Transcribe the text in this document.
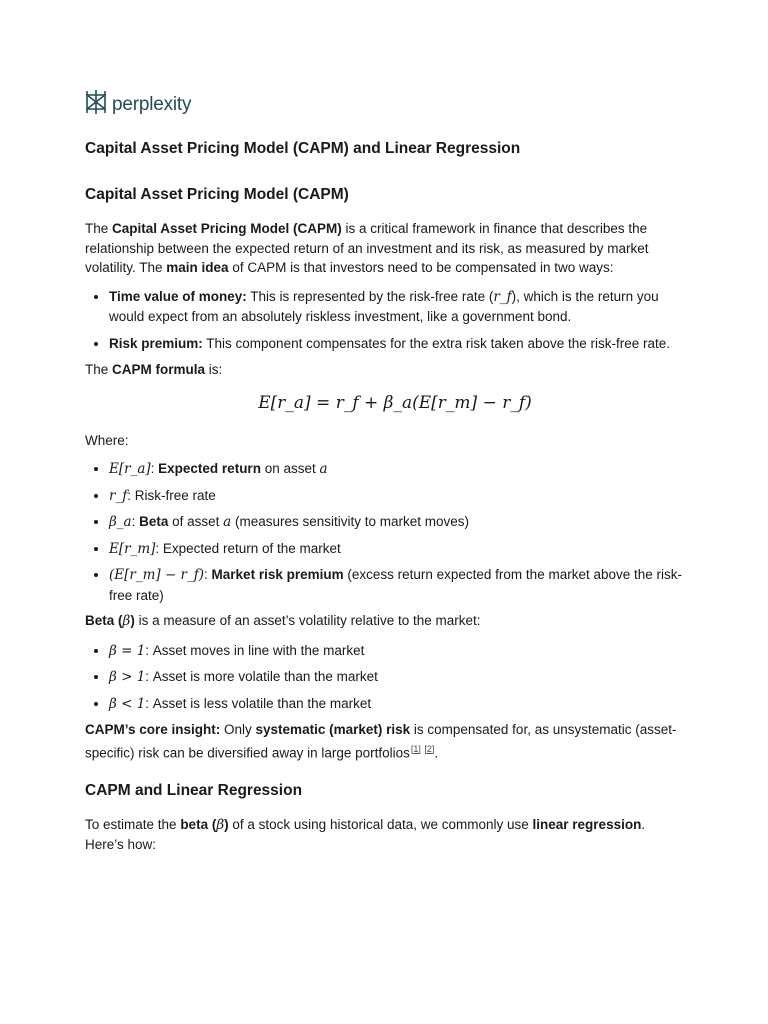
perplexity
Capital Asset Pricing Model (CAPM) and Linear Regression
Capital Asset Pricing Model (CAPM)

The Capital Asset Pricing Model (CAPM) is a critical framework in finance that describes the relationship between the expected return of an investment and its risk, as measured by market volatility. The main idea of CAPM is that investors need to be compensated in two ways:

• Time value of money: This is represented by the risk-free rate (r_f), which is the return you would expect from an absolutely riskless investment, like a government bond.
• Risk premium: This component compensates for the extra risk taken above the risk-free rate.

The CAPM formula is:

E[r_a] = r_f + β_a(E[r_m] − r_f)

Where:

• E[r_a]: Expected return on asset a
• r_f: Risk-free rate
• β_a: Beta of asset a (measures sensitivity to market moves)
• E[r_m]: Expected return of the market
• (E[r_m] − r_f): Market risk premium (excess return expected from the market above the risk-free rate)

Beta (β) is a measure of an asset’s volatility relative to the market:

• β = 1: Asset moves in line with the market
• β > 1: Asset is more volatile than the market
• β < 1: Asset is less volatile than the market

CAPM’s core insight: Only systematic (market) risk is compensated for, as unsystematic (asset-specific) risk can be diversified away in large portfolios[1] [2].

CAPM and Linear Regression

To estimate the beta (β) of a stock using historical data, we commonly use linear regression. Here’s how:
